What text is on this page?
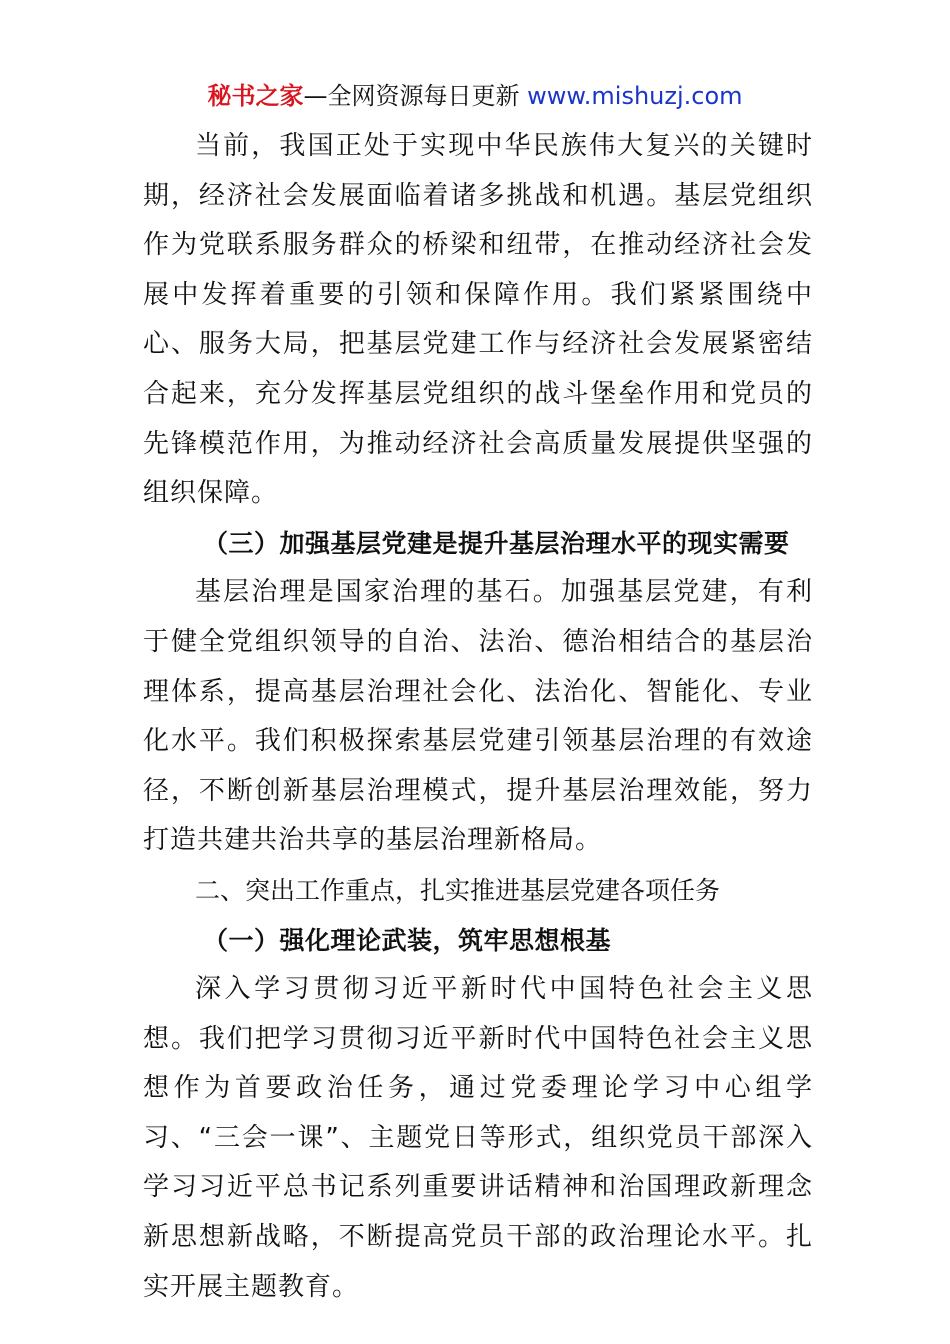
秘书之家—全网资源每日更新 www.mishuzj.com

当前，我国正处于实现中华民族伟大复兴的关键时期，经济社会发展面临着诸多挑战和机遇。基层党组织作为党联系服务群众的桥梁和纽带，在推动经济社会发展中发挥着重要的引领和保障作用。我们紧紧围绕中心、服务大局，把基层党建工作与经济社会发展紧密结合起来，充分发挥基层党组织的战斗堡垒作用和党员的先锋模范作用，为推动经济社会高质量发展提供坚强的组织保障。

（三）加强基层党建是提升基层治理水平的现实需要

基层治理是国家治理的基石。加强基层党建，有利于健全党组织领导的自治、法治、德治相结合的基层治理体系，提高基层治理社会化、法治化、智能化、专业化水平。我们积极探索基层党建引领基层治理的有效途径，不断创新基层治理模式，提升基层治理效能，努力打造共建共治共享的基层治理新格局。

二、突出工作重点，扎实推进基层党建各项任务

（一）强化理论武装，筑牢思想根基

深入学习贯彻习近平新时代中国特色社会主义思想。我们把学习贯彻习近平新时代中国特色社会主义思想作为首要政治任务，通过党委理论学习中心组学习、“三会一课”、主题党日等形式，组织党员干部深入学习习近平总书记系列重要讲话精神和治国理政新理念新思想新战略，不断提高党员干部的政治理论水平。扎实开展主题教育。
